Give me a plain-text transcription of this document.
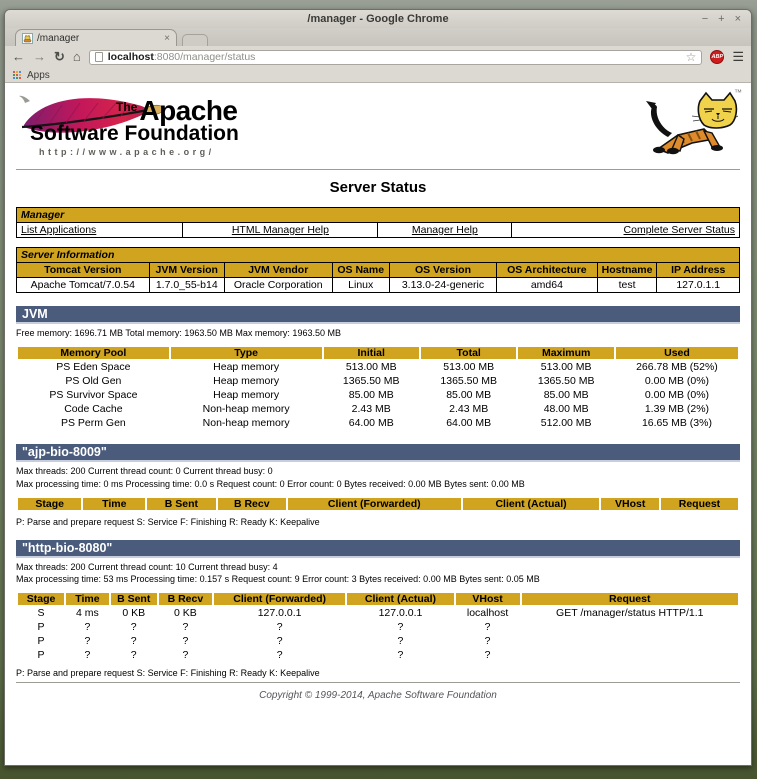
/manager - Google Chrome	− + ×
/manager	×
← → ↻ ⌂	localhost:8080/manager/status	☆	ABP ☰
Apps
$^{The}$Apache
Software Foundation
http://www.apache.org/
™
Server Status
Manager
List Applications	HTML Manager Help	Manager Help	Complete Server Status
Server Information							
Tomcat Version	JVM Version	JVM Vendor	OS Name	OS Version	OS Architecture	Hostname	IP Address
Apache Tomcat/7.0.54	1.7.0_55-b14	Oracle Corporation	Linux	3.13.0-24-generic	amd64	test	127.0.1.1
JVM

Free memory: 1696.71 MB Total memory: 1963.50 MB Max memory: 1963.50 MB

Memory Pool	Type	Initial	Total	Maximum	Used
PS Eden Space	Heap memory	513.00 MB	513.00 MB	513.00 MB	266.78 MB (52%)
PS Old Gen	Heap memory	1365.50 MB	1365.50 MB	1365.50 MB	0.00 MB (0%)
PS Survivor Space	Heap memory	85.00 MB	85.00 MB	85.00 MB	0.00 MB (0%)
Code Cache	Non-heap memory	2.43 MB	2.43 MB	48.00 MB	1.39 MB (2%)
PS Perm Gen	Non-heap memory	64.00 MB	64.00 MB	512.00 MB	16.65 MB (3%)
"ajp-bio-8009"

Max threads: 200 Current thread count: 0 Current thread busy: 0

Max processing time: 0 ms Processing time: 0.0 s Request count: 0 Error count: 0 Bytes received: 0.00 MB Bytes sent: 0.00 MB

Stage	Time	B Sent	B Recv	Client (Forwarded)	Client (Actual)	VHost	Request

P: Parse and prepare request S: Service F: Finishing R: Ready K: Keepalive

"http-bio-8080"

Max threads: 200 Current thread count: 10 Current thread busy: 4

Max processing time: 53 ms Processing time: 0.157 s Request count: 9 Error count: 3 Bytes received: 0.00 MB Bytes sent: 0.05 MB

Stage	Time	B Sent	B Recv	Client (Forwarded)	Client (Actual)	VHost	Request
S	4 ms	0 KB	0 KB	127.0.0.1	127.0.0.1	localhost	GET /manager/status HTTP/1.1
P	?	?	?	?	?	?	
P	?	?	?	?	?	?	
P	?	?	?	?	?	?	

P: Parse and prepare request S: Service F: Finishing R: Ready K: Keepalive

Copyright © 1999-2014, Apache Software Foundation
